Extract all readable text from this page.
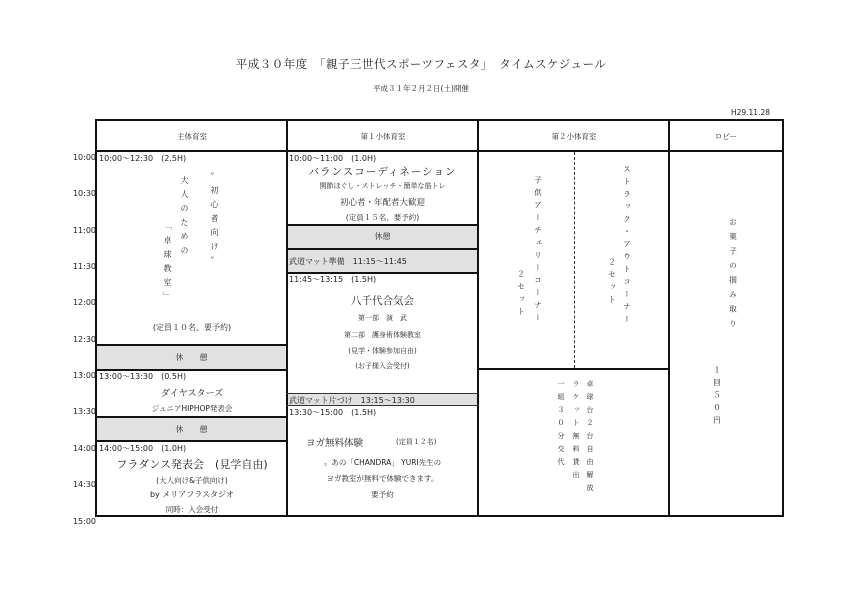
平成３０年度　「親子三世代スポーツフェスタ」　タイムスケジュール
平成３１年２月２日(土)開催
H29.11.28
10:00
10:30
11:00
11:30
12:00
12:30
13:00
13:30
14:00
14:30
15:00
主体育室	第１小体育室	第２小体育室	ロビー
10:00～12:30　(2.5H)
大人のための
「卓球教室」	〟初心者向け〟
(定員１０名、要予約)
休　　憩
13:00～13:30　(0.5H)
ダイヤスターズ
ジュニアHIPHOP発表会
休　　憩
14:00～15:00　(1.0H)
フラダンス発表会　(見学自由)
(大人向け&子供向け)
by メリアフラスタジオ
同時：入会受付
10:00～11:00　(1.0H)
バランスコーディネーション
関節ほぐし・ストレッチ・簡単な筋トレ
初心者・年配者大歓迎
(定員１５名、要予約)
休憩
武道マット準備　11:15～11:45
11:45～13:15　(1.5H)
八千代合気会
第一部　演　武
第二部　護身術体験教室
(見学・体験参加自由)
(お子様入会受付)
武道マット片づけ　13:15～13:30
13:30～15:00　(1.5H)
ヨガ無料体験	(定員１２名)
〟あの「CHANDRA」 YURI先生の
ヨガ教室が無料で体験できます。
要予約
子供アーチェリーコーナー
２セット	ストラック・アウトコーナー
２セット
卓球台２台自由解放
ラケット無料貸出
一組３０分交代
お菓子の掴み取り
１回５０円
